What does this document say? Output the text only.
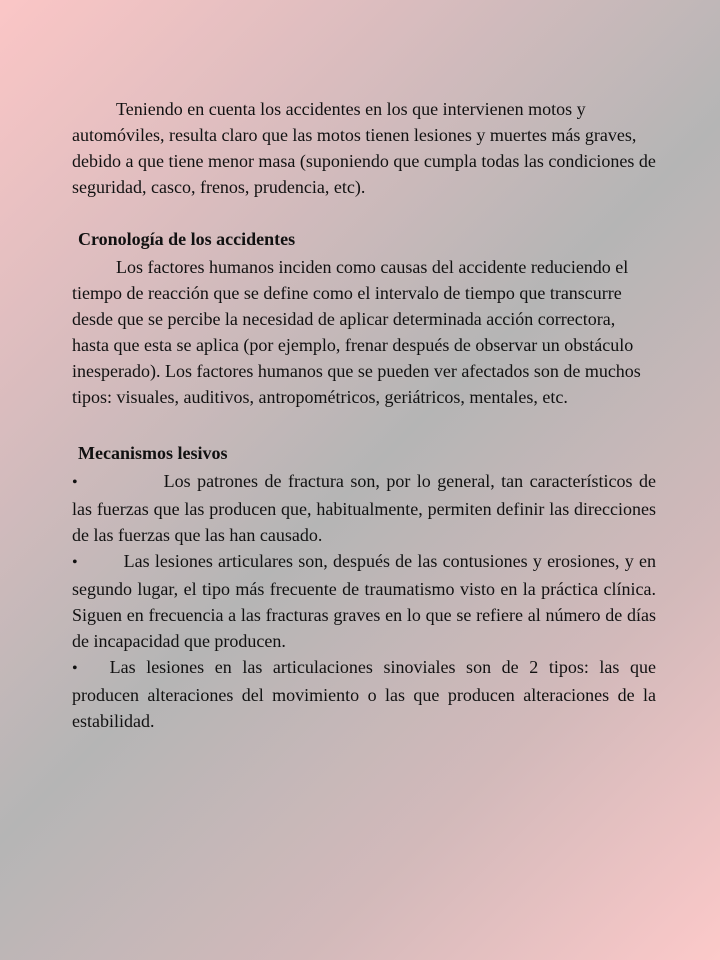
Teniendo en cuenta los accidentes en los que intervienen motos y automóviles, resulta claro que las motos tienen lesiones y muertes más graves, debido a que tiene menor masa (suponiendo que cumpla todas las condiciones de seguridad, casco, frenos, prudencia, etc).

Cronología de los accidentes

Los factores humanos inciden como causas del accidente reduciendo el tiempo de reacción que se define como el intervalo de tiempo que transcurre desde que se percibe la necesidad de aplicar determinada acción correctora, hasta que esta se aplica (por ejemplo, frenar después de observar un obstáculo inesperado). Los factores humanos que se pueden ver afectados son de muchos tipos: visuales, auditivos, antropométricos, geriátricos, mentales, etc.

Mecanismos lesivos

•	Los patrones de fractura son, por lo general, tan característicos de las fuerzas que las producen que, habitualmente, permiten definir las direcciones de las fuerzas que las han causado.

•	Las lesiones articulares son, después de las contusiones y erosiones, y en segundo lugar, el tipo más frecuente de traumatismo visto en la práctica clínica. Siguen en frecuencia a las fracturas graves en lo que se refiere al número de días de incapacidad que producen.

• Las lesiones en las articulaciones sinoviales son de 2 tipos: las que producen alteraciones del movimiento o las que producen alteraciones de la estabilidad.
